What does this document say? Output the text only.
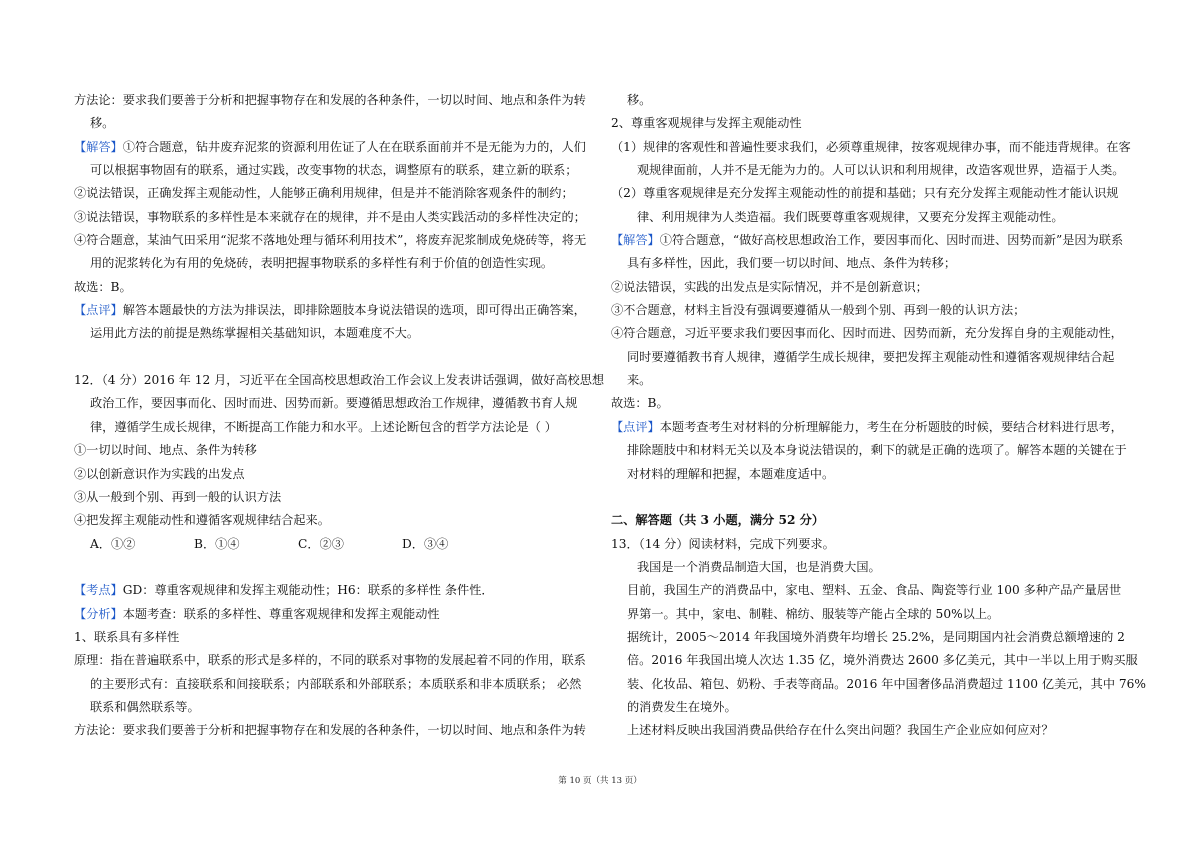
方法论：要求我们要善于分析和把握事物存在和发展的各种条件，一切以时间、地点和条件为转
移。
【解答】①符合题意，钻井废弃泥浆的资源利用佐证了人在在联系面前并不是无能为力的，人们
可以根据事物固有的联系，通过实践，改变事物的状态，调整原有的联系，建立新的联系；
②说法错误，正确发挥主观能动性，人能够正确利用规律，但是并不能消除客观条件的制约；
③说法错误，事物联系的多样性是本来就存在的规律，并不是由人类实践活动的多样性决定的；
④符合题意，某油气田采用“泥浆不落地处理与循环利用技术”，将废弃泥浆制成免烧砖等，将无
用的泥浆转化为有用的免烧砖，表明把握事物联系的多样性有利于价值的创造性实现。
故选：B。
【点评】解答本题最快的方法为排误法，即排除题肢本身说法错误的选项，即可得出正确答案，
运用此方法的前提是熟练掌握相关基础知识，本题难度不大。
12．（4 分）2016 年 12 月，习近平在全国高校思想政治工作会议上发表讲话强调，做好高校思想
政治工作，要因事而化、因时而进、因势而新。要遵循思想政治工作规律，遵循教书育人规
律，遵循学生成长规律，不断提高工作能力和水平。上述论断包含的哲学方法论是（ ）
①一切以时间、地点、条件为转移
②以创新意识作为实践的出发点
③从一般到个别、再到一般的认识方法
④把发挥主观能动性和遵循客观规律结合起来。
A．①②	B．①④	C．②③	D．③④
【考点】GD：尊重客观规律和发挥主观能动性；H6：联系的多样性 条件性．
【分析】本题考查：联系的多样性、尊重客观规律和发挥主观能动性
1、联系具有多样性
原理：指在普遍联系中，联系的形式是多样的，不同的联系对事物的发展起着不同的作用，联系
的主要形式有：直接联系和间接联系；内部联系和外部联系；本质联系和非本质联系； 必然
联系和偶然联系等。
方法论：要求我们要善于分析和把握事物存在和发展的各种条件，一切以时间、地点和条件为转
移。
2、尊重客观规律与发挥主观能动性
（1）规律的客观性和普遍性要求我们，必须尊重规律，按客观规律办事，而不能违背规律。在客
观规律面前，人并不是无能为力的。人可以认识和利用规律，改造客观世界，造福于人类。
（2）尊重客观规律是充分发挥主观能动性的前提和基础；只有充分发挥主观能动性才能认识规
律、利用规律为人类造福。我们既要尊重客观规律，又要充分发挥主观能动性。
【解答】①符合题意，“做好高校思想政治工作，要因事而化、因时而进、因势而新”是因为联系
具有多样性，因此，我们要一切以时间、地点、条件为转移；
②说法错误，实践的出发点是实际情况，并不是创新意识；
③不合题意，材料主旨没有强调要遵循从一般到个别、再到一般的认识方法；
④符合题意，习近平要求我们要因事而化、因时而进、因势而新，充分发挥自身的主观能动性，
同时要遵循教书育人规律，遵循学生成长规律，要把发挥主观能动性和遵循客观规律结合起
来。
故选：B。
【点评】本题考查考生对材料的分析理解能力，考生在分析题肢的时候，要结合材料进行思考，
排除题肢中和材料无关以及本身说法错误的，剩下的就是正确的选项了。解答本题的关键在于
对材料的理解和把握，本题难度适中。
二、解答题（共 3 小题，满分 52 分）
13．（14 分）阅读材料，完成下列要求。
我国是一个消费品制造大国，也是消费大国。
目前，我国生产的消费品中，家电、塑料、五金、食品、陶瓷等行业 100 多种产品产量居世
界第一。其中，家电、制鞋、棉纺、服装等产能占全球的 50%以上。
据统计，2005～2014 年我国境外消费年均增长 25.2%，是同期国内社会消费总额增速的 2
倍。2016 年我国出境人次达 1.35 亿，境外消费达 2600 多亿美元，其中一半以上用于购买服
装、化妆品、箱包、奶粉、手表等商品。2016 年中国奢侈品消费超过 1100 亿美元，其中 76%
的消费发生在境外。
上述材料反映出我国消费品供给存在什么突出问题？我国生产企业应如何应对？
第 10 页（共 13 页）
